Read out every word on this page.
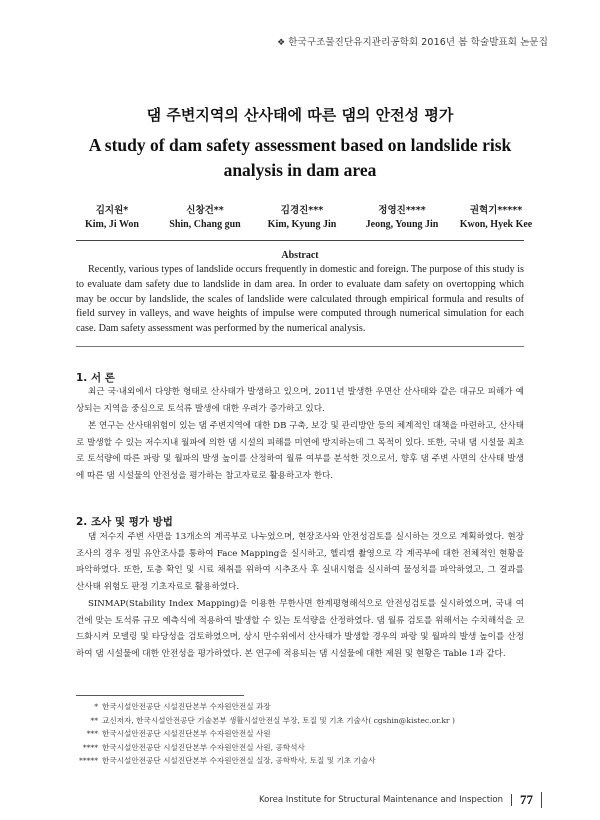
❖ 한국구조물진단유지관리공학회 2016년 봄 학술발표회 논문집
댐 주변지역의 산사태에 따른 댐의 안전성 평가
A study of dam safety assessment based on landslide risk analysis in dam area
김지원*
Kim, Ji Won
신창건**
Shin, Chang gun
김경진***
Kim, Kyung Jin
정영진****
Jeong, Young Jin
권혁기*****
Kwon, Hyek Kee
Abstract

Recently, various types of landslide occurs frequently in domestic and foreign. The purpose of this study is to evaluate dam safety due to landslide in dam area. In order to evaluate dam safety on overtopping which may be occur by landslide, the scales of landslide were calculated through empirical formula and results of field survey in valleys, and wave heights of impulse were computed through numerical simulation for each case. Dam safety assessment was performed by the numerical analysis.

1. 서 론

최근 국·내외에서 다양한 형태로 산사태가 발생하고 있으며, 2011년 발생한 우면산 산사태와 같은 대규모 피해가 예상되는 지역을 중심으로 토석류 발생에 대한 우려가 증가하고 있다.

본 연구는 산사태위험이 있는 댐 주변지역에 대한 DB 구축, 보강 및 관리방안 등의 체계적인 대책을 마련하고, 산사태로 발생할 수 있는 저수지내 월파에 의한 댐 시설의 피해를 미연에 방지하는데 그 목적이 있다. 또한, 국내 댐 시설물 최초로 토석량에 따른 파랑 및 월파의 발생 높이를 산정하여 월류 여부를 분석한 것으로서, 향후 댐 주변 사면의 산사태 발생에 따른 댐 시설물의 안전성을 평가하는 참고자료로 활용하고자 한다.

2. 조사 및 평가 방법

댐 저수지 주변 사면을 13개소의 계곡부로 나누었으며, 현장조사와 안전성검토를 실시하는 것으로 계획하였다. 현장조사의 경우 정밀 유안조사를 통하여 Face Mapping을 실시하고, 헬리캠 촬영으로 각 계곡부에 대한 전체적인 현황을 파악하였다. 또한, 토층 확인 및 시료 채취를 위하여 시추조사 후 실내시험을 실시하여 물성치를 파악하였고, 그 결과를 산사태 위험도 판정 기초자료로 활용하였다.

SINMAP(Stability Index Mapping)을 이용한 무한사면 한계평형해석으로 안전성검토를 실시하였으며, 국내 여건에 맞는 토석류 규모 예측식에 적용하여 발생할 수 있는 토석량을 산정하였다. 댐 월류 검토를 위해서는 수치해석을 코드화시켜 모델링 및 타당성을 검토하였으며, 상시 만수위에서 산사태가 발생할 경우의 파랑 및 월파의 발생 높이를 산정하여 댐 시설물에 대한 안전성을 평가하였다. 본 연구에 적용되는 댐 시설물에 대한 제원 및 현황은 Table 1과 같다.

* 한국시설안전공단 시설진단본부 수자원안전실 과장
** 교신저자, 한국시설안전공단 기술본부 생활시설안전실 부장, 토질 및 기초 기술사( cgshin@kistec.or.kr )
*** 한국시설안전공단 시설진단본부 수자원안전실 사원
**** 한국시설안전공단 시설진단본부 수자원안전실 사원, 공학석사
***** 한국시설안전공단 시설진단본부 수자원안전실 실장, 공학박사, 토질 및 기초 기술사
Korea Institute for Structural Maintenance and Inspection 77
